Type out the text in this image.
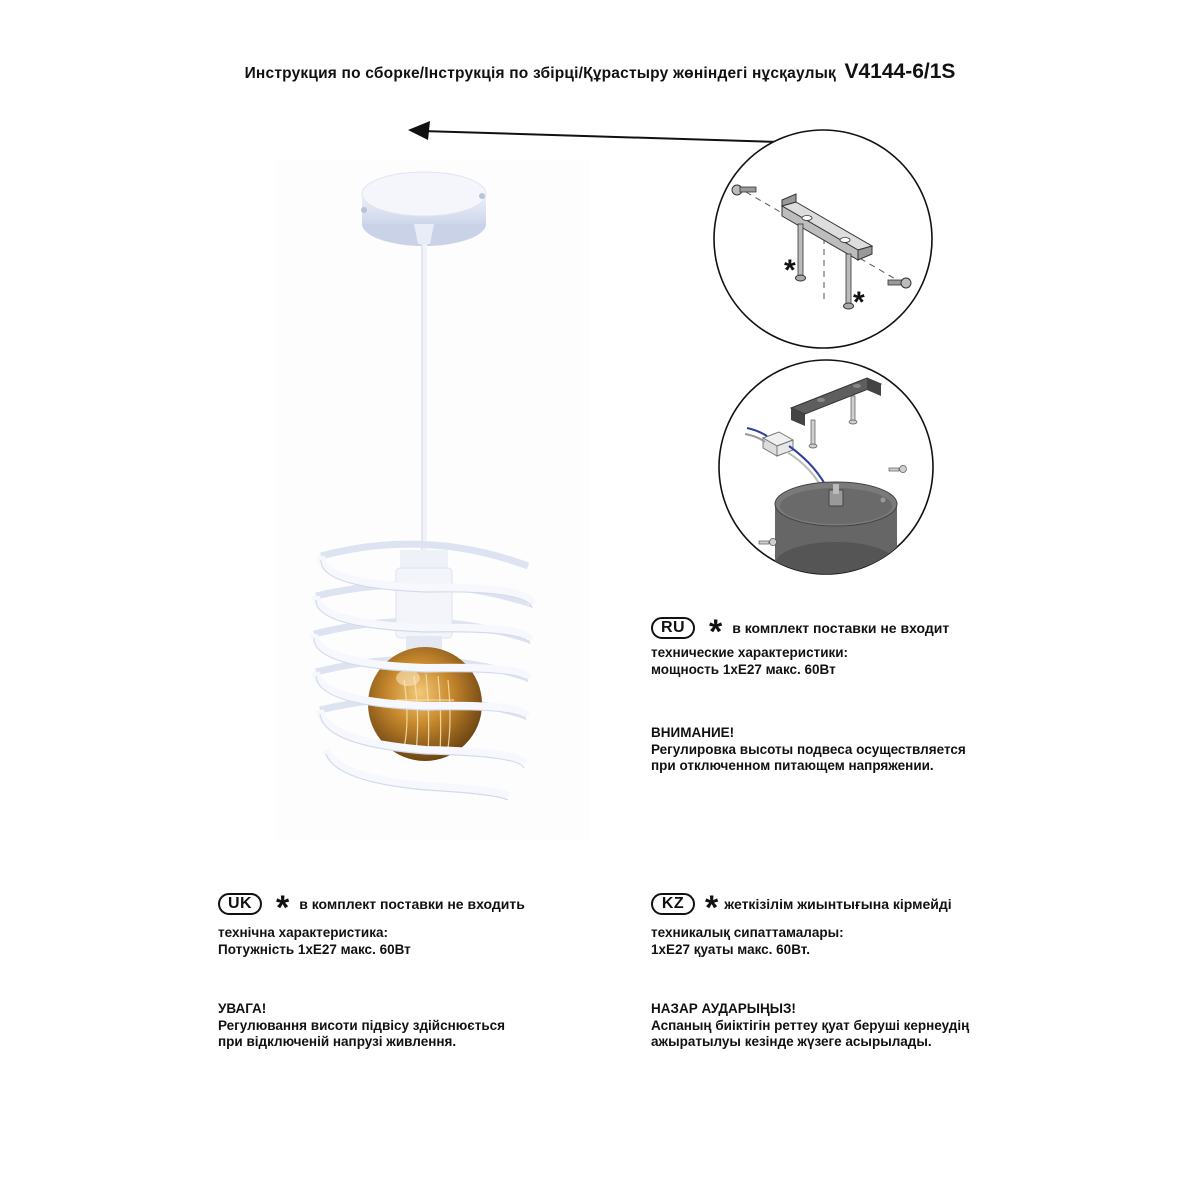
Инструкция по сборке/Інструкція по збірці/Құрастыру жөніндегі нұсқаулық V4144-6/1S
*
*
RU * в комплект поставки не входит
технические характеристики:
мощность 1хЕ27 макс. 60Вт
ВНИМАНИЕ!
Регулировка высоты подвеса осуществляется
при отключенном питающем напряжении.
UK * в комплект поставки не входить
технічна характеристика:
Потужність 1хЕ27 макс. 60Вт
УВАГА!
Регулювання висоти підвісу здійснюється
при відключеній напрузі живлення.
KZ * жеткізілім жиынтығына кірмейді
техникалық сипаттамалары:
1хЕ27 қуаты макс. 60Вт.
НАЗАР АУДАРЫҢЫЗ!
Аспаның биіктігін реттеу қуат беруші кернеудің
ажыратылуы кезінде жүзеге асырылады.
